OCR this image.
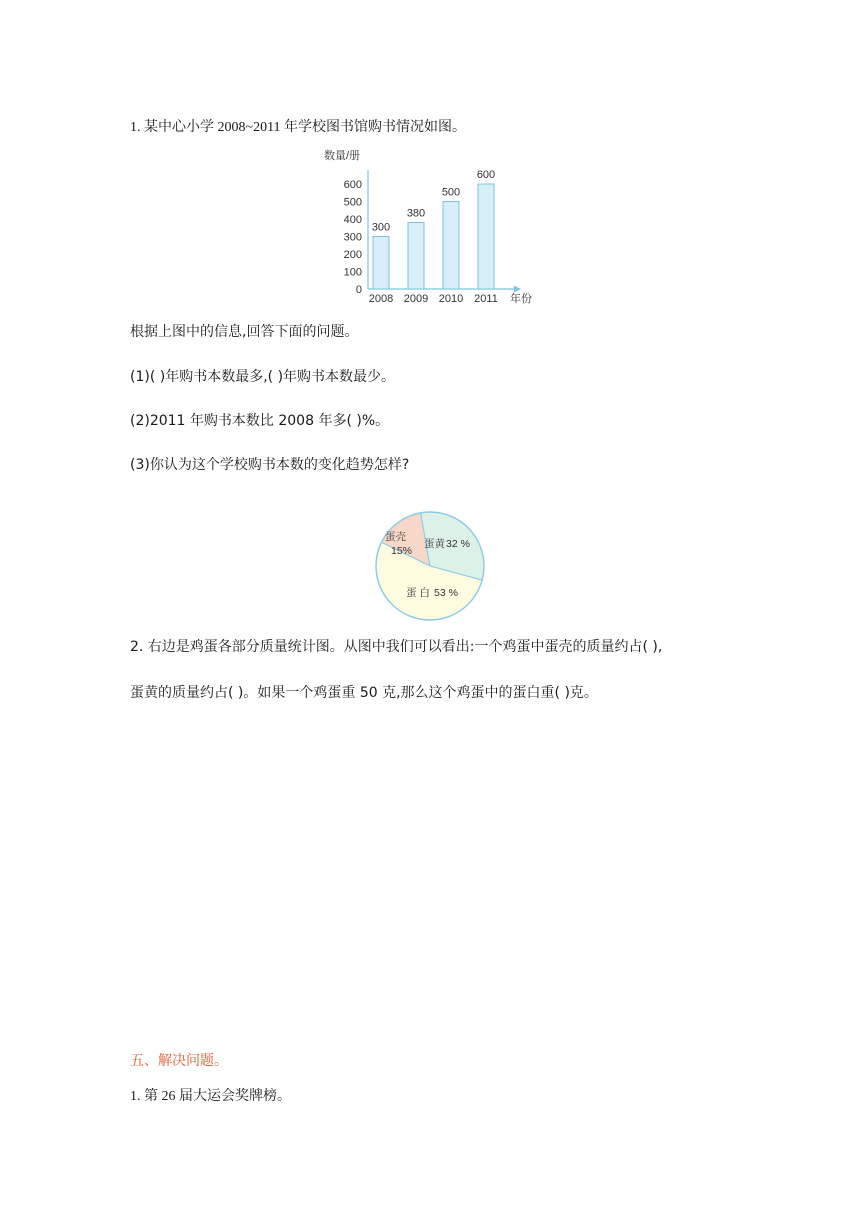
1. 某中心小学 2008~2011 年学校图书馆购书情况如图。
数量/册
0
100
200
300
400
500
600
300
2008
380
2009
500
2010
600
2011 年份
根据上图中的信息,回答下面的问题。
(1)( )年购书本数最多,( )年购书本数最少。
(2)2011 年购书本数比 2008 年多( )%。
(3)你认为这个学校购书本数的变化趋势怎样?
蛋壳
15%
蛋黄 32 %
蛋 白 53 %
2. 右边是鸡蛋各部分质量统计图。从图中我们可以看出:一个鸡蛋中蛋壳的质量约占( ),
蛋黄的质量约占( )。如果一个鸡蛋重 50 克,那么这个鸡蛋中的蛋白重( )克。
五、解决问题。
1. 第 26 届大运会奖牌榜。
